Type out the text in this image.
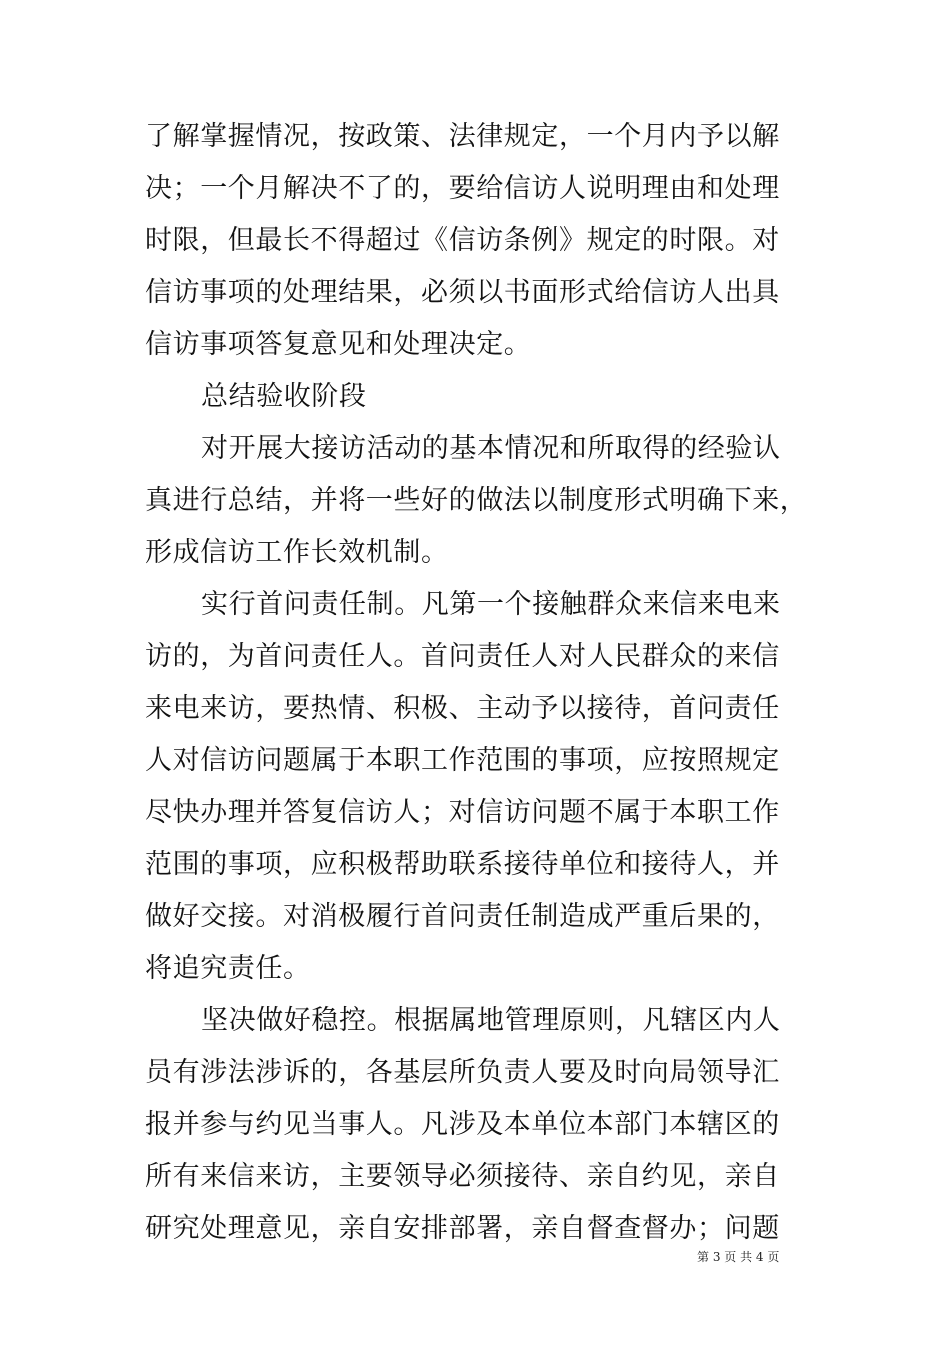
了解掌握情况，按政策、法律规定，一个月内予以解
决；一个月解决不了的，要给信访人说明理由和处理
时限，但最长不得超过《信访条例》规定的时限。对
信访事项的处理结果，必须以书面形式给信访人出具
信访事项答复意见和处理决定。
总结验收阶段
对开展大接访活动的基本情况和所取得的经验认
真进行总结，并将一些好的做法以制度形式明确下来，
形成信访工作长效机制。
实行首问责任制。凡第一个接触群众来信来电来
访的，为首问责任人。首问责任人对人民群众的来信
来电来访，要热情、积极、主动予以接待，首问责任
人对信访问题属于本职工作范围的事项，应按照规定
尽快办理并答复信访人；对信访问题不属于本职工作
范围的事项，应积极帮助联系接待单位和接待人，并
做好交接。对消极履行首问责任制造成严重后果的，
将追究责任。
坚决做好稳控。根据属地管理原则，凡辖区内人
员有涉法涉诉的，各基层所负责人要及时向局领导汇
报并参与约见当事人。凡涉及本单位本部门本辖区的
所有来信来访，主要领导必须接待、亲自约见，亲自
研究处理意见，亲自安排部署，亲自督查督办；问题
第 3 页 共 4 页
